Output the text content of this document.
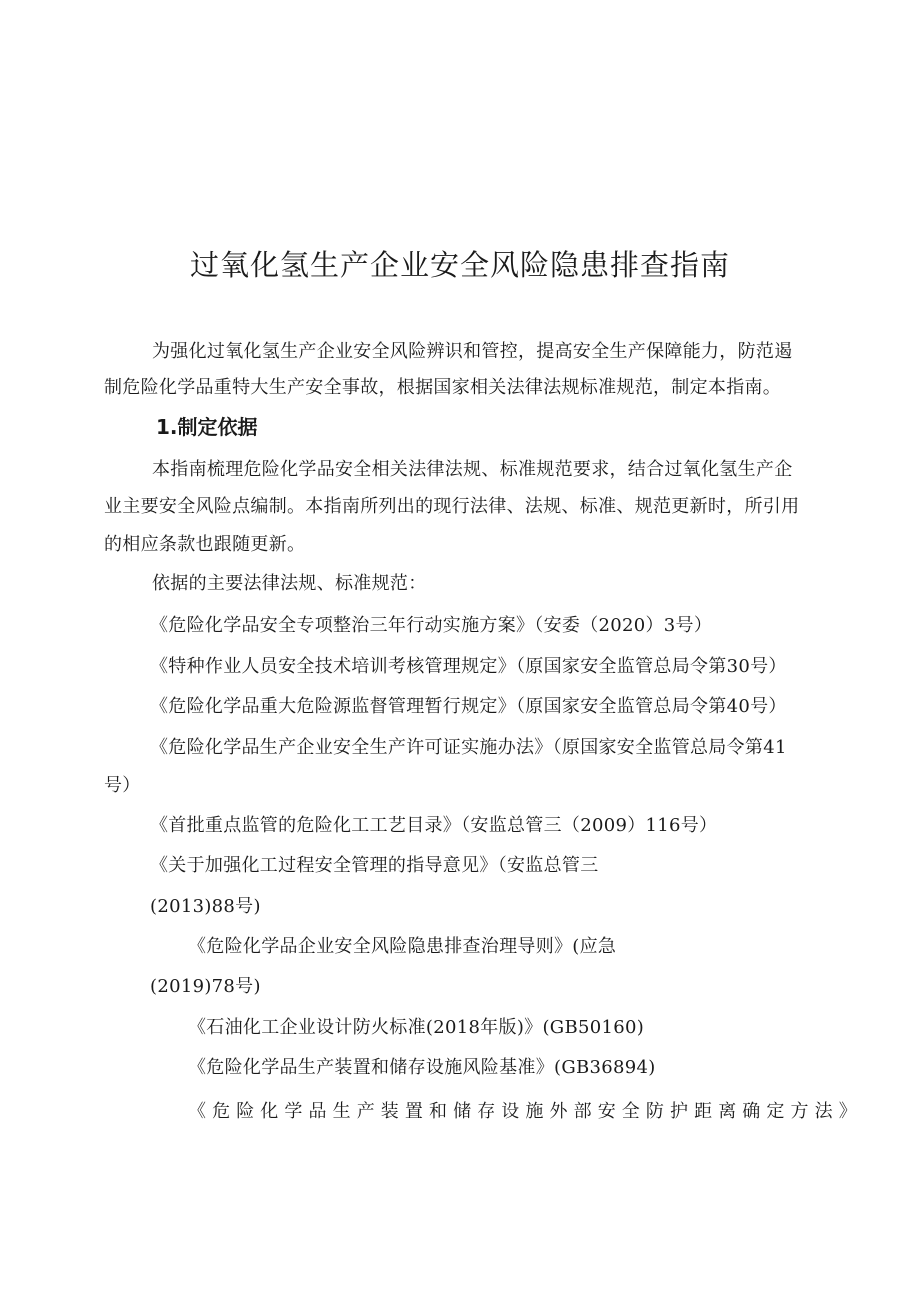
过氧化氢生产企业安全风险隐患排查指南

为强化过氧化氢生产企业安全风险辨识和管控，提高安全生产保障能力，防范遏

制危险化学品重特大生产安全事故，根据国家相关法律法规标准规范，制定本指南。

1.制定依据

本指南梳理危险化学品安全相关法律法规、标准规范要求，结合过氧化氢生产企

业主要安全风险点编制。本指南所列出的现行法律、法规、标准、规范更新时，所引用

的相应条款也跟随更新。

依据的主要法律法规、标准规范：

《危险化学品安全专项整治三年行动实施方案》（安委（2020）3号）

《特种作业人员安全技术培训考核管理规定》（原国家安全监管总局令第30号）

《危险化学品重大危险源监督管理暂行规定》（原国家安全监管总局令第40号）

《危险化学品生产企业安全生产许可证实施办法》（原国家安全监管总局令第41

号）

《首批重点监管的危险化工工艺目录》（安监总管三（2009）116号）

《关于加强化工过程安全管理的指导意见》（安监总管三

(2013)88号)

《危险化学品企业安全风险隐患排查治理导则》(应急

(2019)78号)

《石油化工企业设计防火标准(2018年版)》(GB50160)

《危险化学品生产装置和储存设施风险基准》(GB36894)

《危险化学品生产装置和储存设施外部安全防护距离确定方法》
